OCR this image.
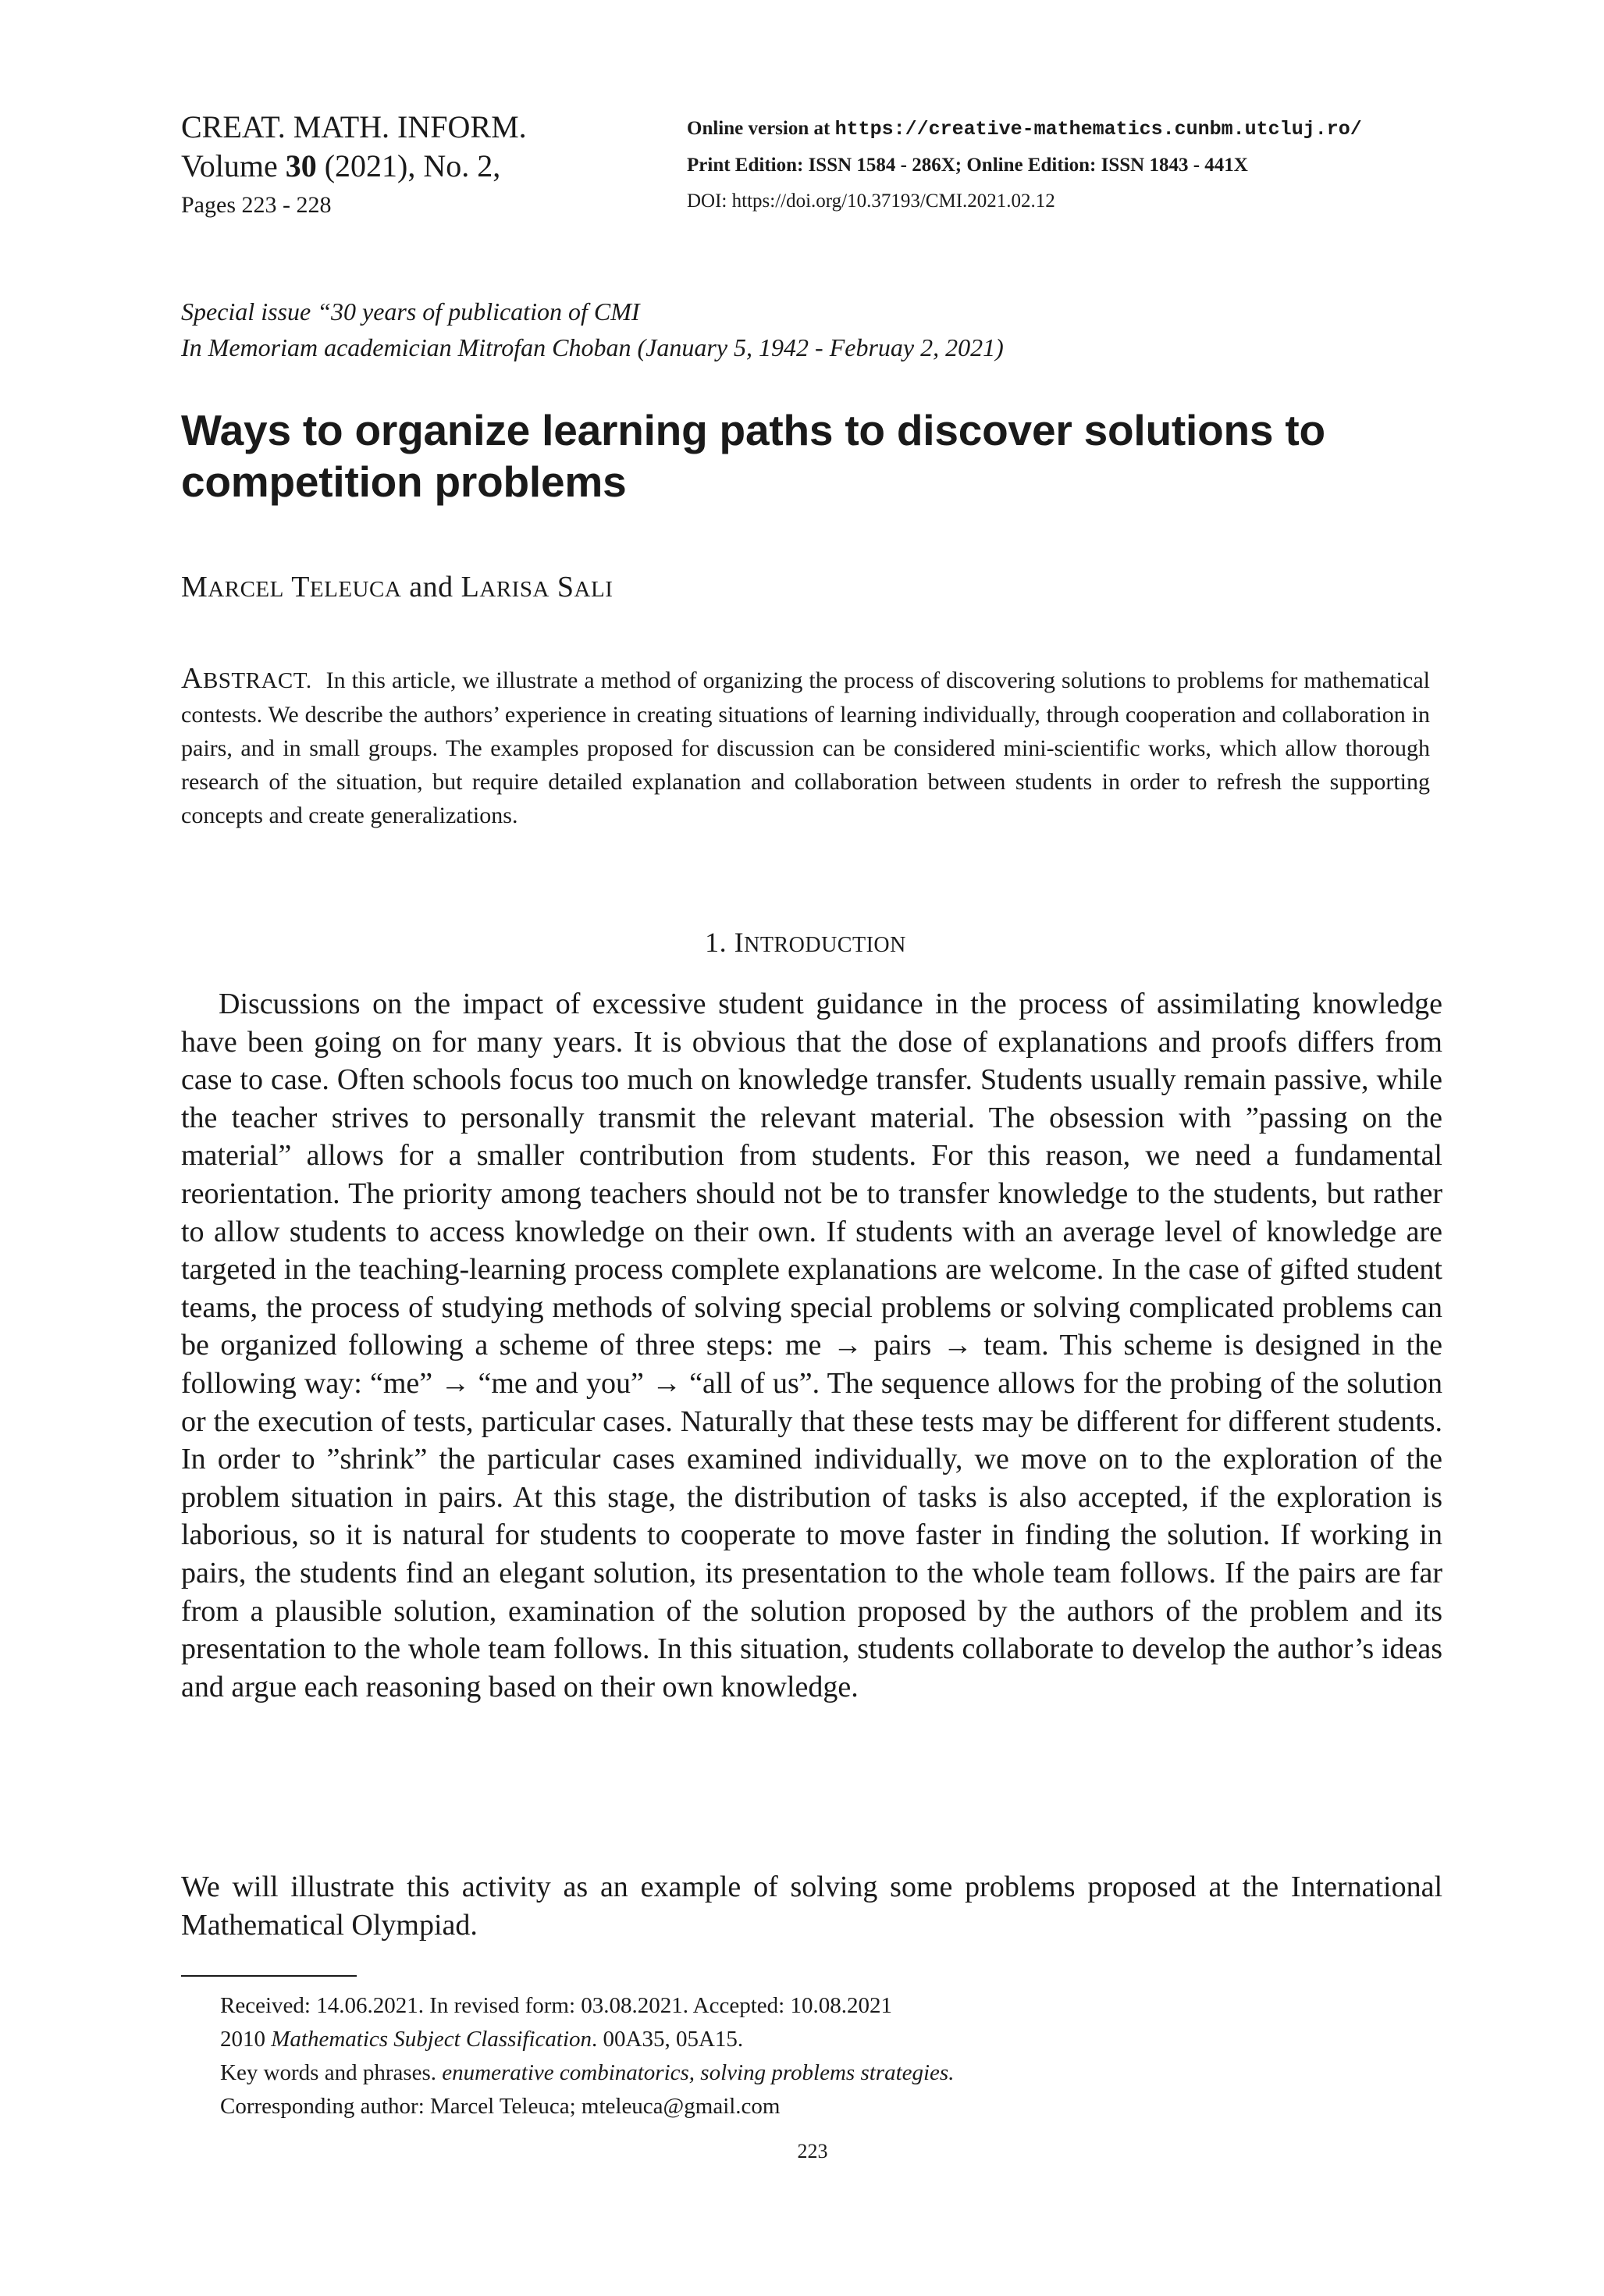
CREAT. MATH. INFORM.
Volume 30 (2021), No. 2,
Pages 223 - 228
Online version at https://creative-mathematics.cunbm.utcluj.ro/
Print Edition: ISSN 1584 - 286X; Online Edition: ISSN 1843 - 441X
DOI: https://doi.org/10.37193/CMI.2021.02.12
Special issue “30 years of publication of CMI
In Memoriam academician Mitrofan Choban (January 5, 1942 - Februay 2, 2021)
Ways to organize learning paths to discover solutions to competition problems
MARCEL TELEUCA and LARISA SALI
ABSTRACT. In this article, we illustrate a method of organizing the process of discovering solutions to problems for mathematical contests. We describe the authors’ experience in creating situations of learning individually, through cooperation and collaboration in pairs, and in small groups. The examples proposed for discussion can be considered mini-scientific works, which allow thorough research of the situation, but require detailed explanation and collaboration between students in order to refresh the supporting concepts and create generalizations.
1. INTRODUCTION

Discussions on the impact of excessive student guidance in the process of assimilating knowledge have been going on for many years. It is obvious that the dose of explanations and proofs differs from case to case. Often schools focus too much on knowledge transfer. Students usually remain passive, while the teacher strives to personally transmit the relevant material. The obsession with ”passing on the material” allows for a smaller contribution from students. For this reason, we need a fundamental reorientation. The priority among teachers should not be to transfer knowledge to the students, but rather to allow students to access knowledge on their own. If students with an average level of knowledge are targeted in the teaching-learning process complete explanations are welcome. In the case of gifted student teams, the process of studying methods of solving special problems or solving complicated problems can be organized following a scheme of three steps: me → pairs → team. This scheme is designed in the following way: “me” → “me and you” → “all of us”. The sequence allows for the probing of the solution or the execution of tests, particular cases. Naturally that these tests may be different for different students. In order to ”shrink” the particular cases examined individually, we move on to the exploration of the problem situation in pairs. At this stage, the distribution of tasks is also accepted, if the exploration is laborious, so it is natural for students to cooperate to move faster in finding the solution. If working in pairs, the students find an elegant solution, its presentation to the whole team follows. If the pairs are far from a plausible solution, examination of the solution proposed by the authors of the problem and its presentation to the whole team follows. In this situation, students collaborate to develop the author’s ideas and argue each reasoning based on their own knowledge.

We will illustrate this activity as an example of solving some problems proposed at the International Mathematical Olympiad.

Received: 14.06.2021. In revised form: 03.08.2021. Accepted: 10.08.2021
2010 Mathematics Subject Classification. 00A35, 05A15.
Key words and phrases. enumerative combinatorics, solving problems strategies.
Corresponding author: Marcel Teleuca; mteleuca@gmail.com
223
